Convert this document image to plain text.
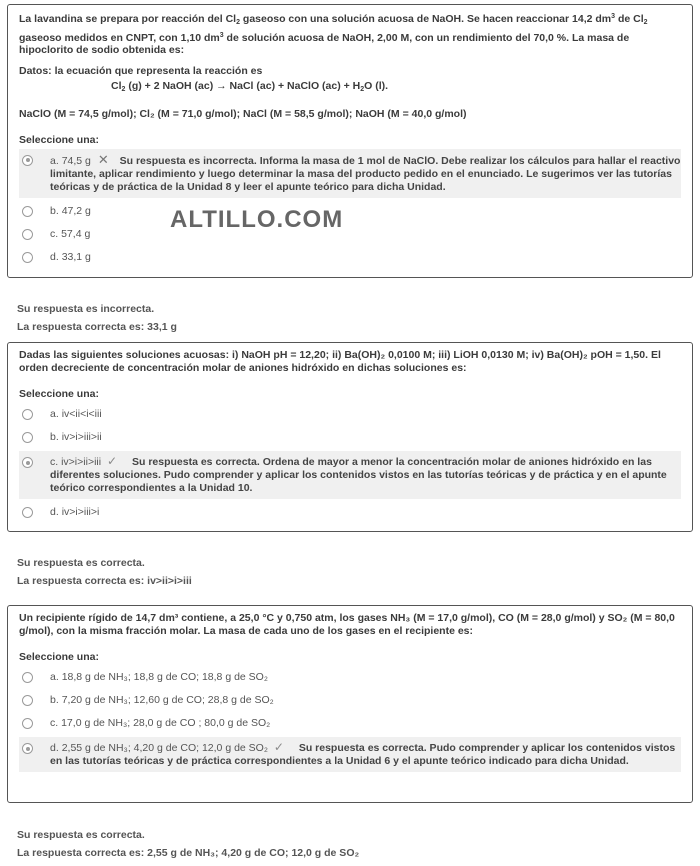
La lavandina se prepara por reacción del $Cl_2$ gaseoso con una solución acuosa de NaOH. Se hacen reaccionar 14,2 $dm^3$ de $Cl_2$ gaseoso medidos en CNPT, con 1,10 $dm^3$ de solución acuosa de NaOH, 2,00 M, con un rendimiento del 70,0 %. La masa de hipoclorito de sodio obtenida es:
Datos: la ecuación que representa la reacción es
$Cl_2$ (g) + 2 NaOH (ac) → NaCl (ac) + NaClO $(ac) + H_2O$ (l).
NaClO (M = 74,5 g/mol); Cl₂ (M = 71,0 g/mol); NaCl (M = 58,5 g/mol); NaOH (M = 40,0 g/mol)
Seleccione una:
a. 74,5 g ✕ Su respuesta es incorrecta. Informa la masa de 1 mol de NaClO. Debe realizar los cálculos para hallar el reactivo limitante, aplicar rendimiento y luego determinar la masa del producto pedido en el enunciado. Le sugerimos ver las tutorías teóricas y de práctica de la Unidad 8 y leer el apunte teórico para dicha Unidad.
b. 47,2 g
c. 57,4 g
d. 33,1 g
ALTILLO.COM
Su respuesta es incorrecta.
La respuesta correcta es: 33,1 g
Dadas las siguientes soluciones acuosas: i) NaOH pH = 12,20; ii) Ba(OH)₂ 0,0100 M; iii) LiOH 0,0130 M; iv) Ba(OH)₂ pOH = 1,50. El orden decreciente de concentración molar de aniones hidróxido en dichas soluciones es:
Seleccione una:
a. iv<ii<i<iii
b. iv>i>iii>ii
c. iv>i>ii>iii ✓ Su respuesta es correcta. Ordena de mayor a menor la concentración molar de aniones hidróxido en las diferentes soluciones. Pudo comprender y aplicar los contenidos vistos en las tutorías teóricas y de práctica y en el apunte teórico correspondientes a la Unidad 10.
d. iv>i>iii>i
Su respuesta es correcta.
La respuesta correcta es: iv>ii>i>iii
Un recipiente rígido de 14,7 dm³ contiene, a 25,0 °C y 0,750 atm, los gases NH₃ (M = 17,0 g/mol), CO (M = 28,0 g/mol) y SO₂ (M = 80,0 g/mol), con la misma fracción molar. La masa de cada uno de los gases en el recipiente es:
Seleccione una:
a. 18,8 g de NH₃; 18,8 g de CO; 18,8 g de SO₂
b. 7,20 g de NH₃; 12,60 g de CO; 28,8 g de SO₂
c. 17,0 g de NH₃; 28,0 g de CO ; 80,0 g de SO₂
d. 2,55 g de NH₃; 4,20 g de CO; 12,0 g de SO₂ ✓ Su respuesta es correcta. Pudo comprender y aplicar los contenidos vistos en las tutorías teóricas y de práctica correspondientes a la Unidad 6 y el apunte teórico indicado para dicha Unidad.
Su respuesta es correcta.
La respuesta correcta es: 2,55 g de NH₃; 4,20 g de CO; 12,0 g de SO₂
